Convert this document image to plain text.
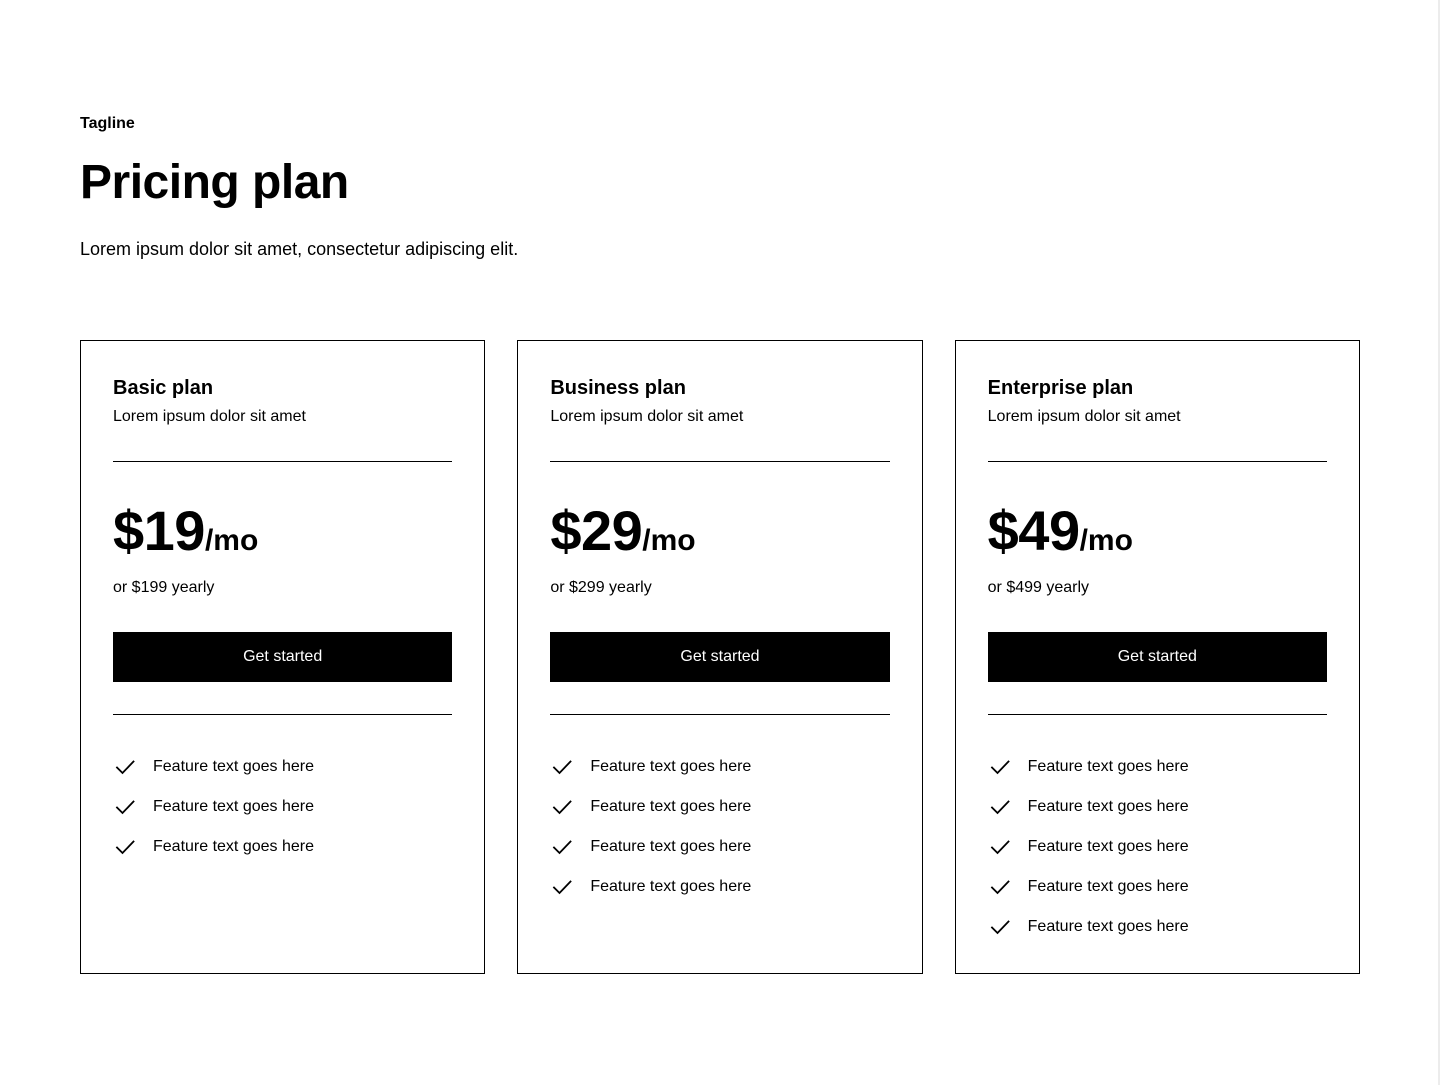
Tagline

Pricing plan

Lorem ipsum dolor sit amet, consectetur adipiscing elit.

Basic plan

Lorem ipsum dolor sit amet

$19 /mo

or $199 yearly

Get started
Feature text goes here
Feature text goes here
Feature text goes here
Business plan

Lorem ipsum dolor sit amet

$29 /mo

or $299 yearly

Get started
Feature text goes here
Feature text goes here
Feature text goes here
Feature text goes here
Enterprise plan

Lorem ipsum dolor sit amet

$49 /mo

or $499 yearly

Get started
Feature text goes here
Feature text goes here
Feature text goes here
Feature text goes here
Feature text goes here
